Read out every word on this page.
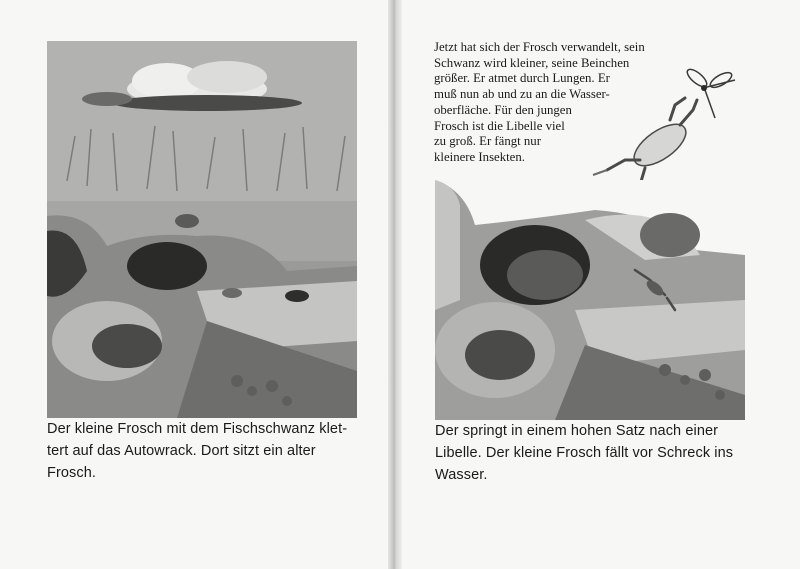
Der kleine Frosch mit dem Fischschwanz klet-
tert auf das Autowrack. Dort sitzt ein alter
Frosch.
Jetzt hat sich der Frosch verwandelt, sein
Schwanz wird kleiner, seine Beinchen
größer. Er atmet durch Lungen. Er
muß nun ab und zu an die Wasser-
oberfläche. Für den jungen
Frosch ist die Libelle viel
zu groß. Er fängt nur
kleinere Insekten.
Der springt in einem hohen Satz nach einer
Libelle. Der kleine Frosch fällt vor Schreck ins
Wasser.
